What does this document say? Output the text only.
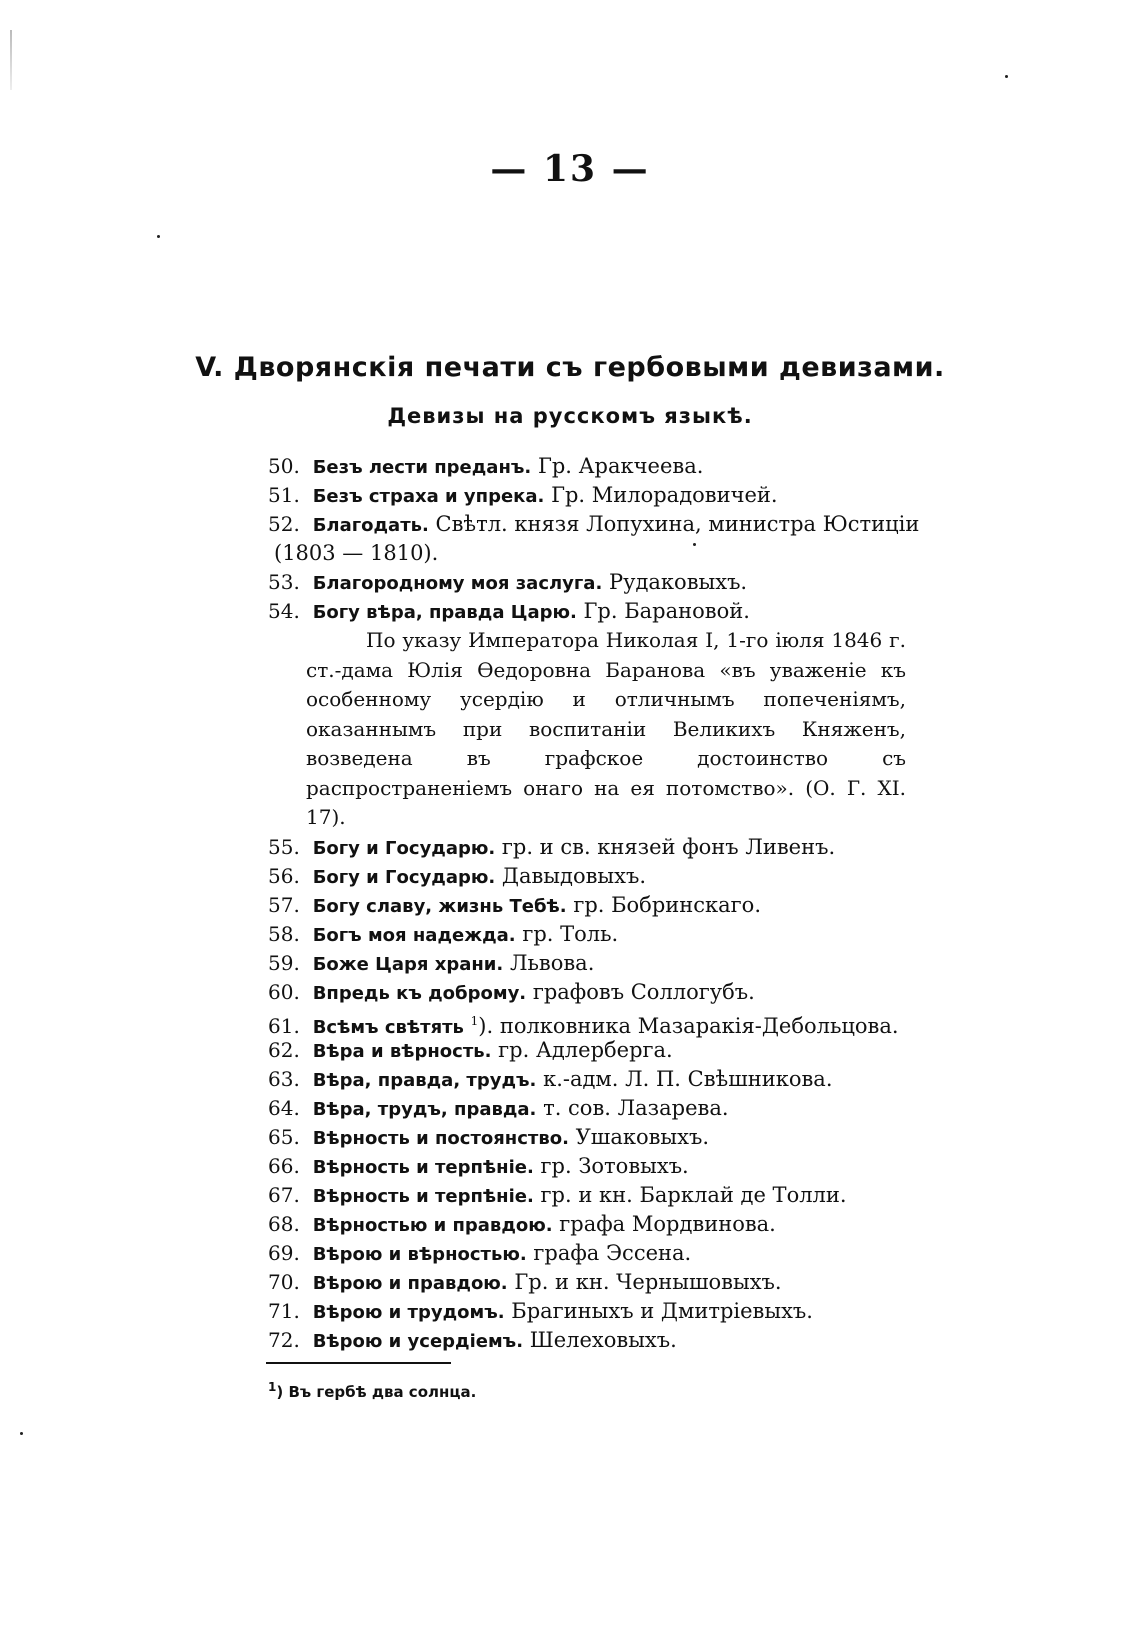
— 13 —
V. Дворянскія печати съ гербовыми девизами.
Девизы на русскомъ языкѣ.
50. Безъ лести преданъ. Гр. Аракчеева.
51. Безъ страха и упрека. Гр. Милорадовичей.
52. Благодать. Свѣтл. князя Лопухина, министра Юстиціи
(1803 — 1810).
53. Благородному моя заслуга. Рудаковыхъ.
54. Богу вѣра, правда Царю. Гр. Барановой.

По указу Императора Николая I, 1-го іюля 1846 г. ст.-дама Юлія Ѳедоровна Баранова «въ уваженіе къ особенному усердію и отличнымъ попеченіямъ, оказаннымъ при воспитаніи Великихъ Княженъ, возведена въ графское достоинство съ распространеніемъ онаго на ея потомство». (О. Г. XI. 17).

55. Богу и Государю. гр. и св. князей фонъ Ливенъ.
56. Богу и Государю. Давыдовыхъ.
57. Богу славу, жизнь Тебѣ. гр. Бобринскаго.
58. Богъ моя надежда. гр. Толь.
59. Боже Царя храни. Львова.
60. Впредь къ доброму. графовъ Соллогубъ.
61. Всѣмъ свѣтять $^1$). полковника Мазаракія-Дебольцова.
62. Вѣра и вѣрность. гр. Адлерберга.
63. Вѣра, правда, трудъ. к.-адм. Л. П. Свѣшникова.
64. Вѣра, трудъ, правда. т. сов. Лазарева.
65. Вѣрность и постоянство. Ушаковыхъ.
66. Вѣрность и терпѣніе. гр. Зотовыхъ.
67. Вѣрность и терпѣніе. гр. и кн. Барклай де Толли.
68. Вѣрностью и правдою. графа Мордвинова.
69. Вѣрою и вѣрностью. графа Эссена.
70. Вѣрою и правдою. Гр. и кн. Чернышовыхъ.
71. Вѣрою и трудомъ. Брагиныхъ и Дмитріевыхъ.
72. Вѣрою и усердіемъ. Шелеховыхъ.
$^1$) Въ гербѣ два солнца.
